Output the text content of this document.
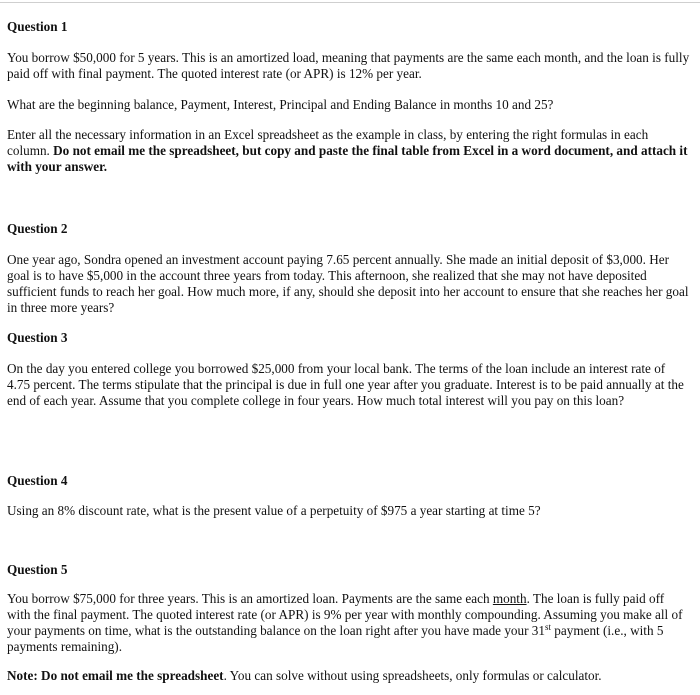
Question 1

You borrow $50,000 for 5 years. This is an amortized load, meaning that payments are the same each month, and the loan is fully paid off with final payment. The quoted interest rate (or APR) is 12% per year.

What are the beginning balance, Payment, Interest, Principal and Ending Balance in months 10 and 25?

Enter all the necessary information in an Excel spreadsheet as the example in class, by entering the right formulas in each column. Do not email me the spreadsheet, but copy and paste the final table from Excel in a word document, and attach it with your answer.

Question 2

One year ago, Sondra opened an investment account paying 7.65 percent annually. She made an initial deposit of $3,000. Her goal is to have $5,000 in the account three years from today. This afternoon, she realized that she may not have deposited sufficient funds to reach her goal. How much more, if any, should she deposit into her account to ensure that she reaches her goal in three more years?

Question 3

On the day you entered college you borrowed $25,000 from your local bank. The terms of the loan include an interest rate of 4.75 percent. The terms stipulate that the principal is due in full one year after you graduate. Interest is to be paid annually at the end of each year. Assume that you complete college in four years. How much total interest will you pay on this loan?

Question 4

Using an 8% discount rate, what is the present value of a perpetuity of $975 a year starting at time 5?

Question 5

You borrow $75,000 for three years. This is an amortized loan. Payments are the same each month. The loan is fully paid off with the final payment. The quoted interest rate (or APR) is 9% per year with monthly compounding. Assuming you make all of your payments on time, what is the outstanding balance on the loan right after you have made your 31st payment (i.e., with 5 payments remaining).

Note: Do not email me the spreadsheet. You can solve without using spreadsheets, only formulas or calculator.
